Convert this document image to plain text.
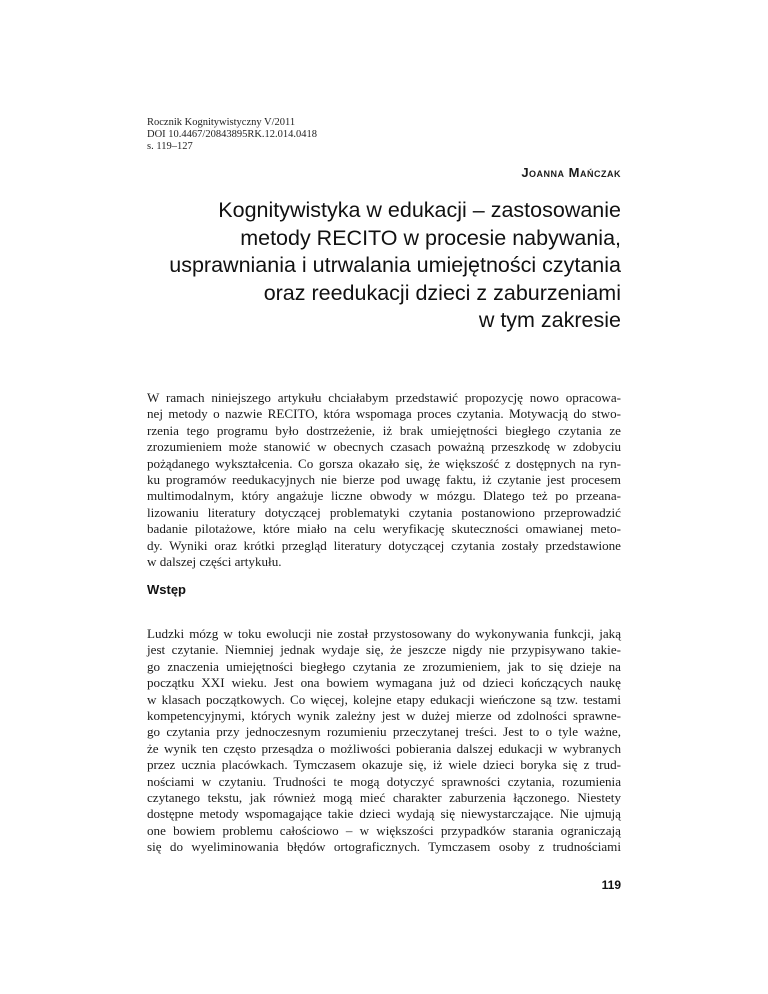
Rocznik Kognitywistyczny V/2011
DOI 10.4467/20843895RK.12.014.0418
s. 119–127
Joanna Mańczak
Kognitywistyka w edukacji – zastosowanie
metody RECITO w procesie nabywania,
usprawniania i utrwalania umiejętności czytania
oraz reedukacji dzieci z zaburzeniami
w tym zakresie
W ramach niniejszego artykułu chciałabym przedstawić propozycję nowo opracowa-
nej metody o nazwie RECITO, która wspomaga proces czytania. Motywacją do stwo-
rzenia tego programu było dostrzeżenie, iż brak umiejętności biegłego czytania ze
zrozumieniem może stanowić w obecnych czasach poważną przeszkodę w zdobyciu
pożądanego wykształcenia. Co gorsza okazało się, że większość z dostępnych na ryn-
ku programów reedukacyjnych nie bierze pod uwagę faktu, iż czytanie jest procesem
multimodalnym, który angażuje liczne obwody w mózgu. Dlatego też po przeana-
lizowaniu literatury dotyczącej problematyki czytania postanowiono przeprowadzić
badanie pilotażowe, które miało na celu weryfikację skuteczności omawianej meto-
dy. Wyniki oraz krótki przegląd literatury dotyczącej czytania zostały przedstawione
w dalszej części artykułu.
Wstęp
Ludzki mózg w toku ewolucji nie został przystosowany do wykonywania funkcji, jaką
jest czytanie. Niemniej jednak wydaje się, że jeszcze nigdy nie przypisywano takie-
go znaczenia umiejętności biegłego czytania ze zrozumieniem, jak to się dzieje na
początku XXI wieku. Jest ona bowiem wymagana już od dzieci kończących naukę
w klasach początkowych. Co więcej, kolejne etapy edukacji wieńczone są tzw. testami
kompetencyjnymi, których wynik zależny jest w dużej mierze od zdolności sprawne-
go czytania przy jednoczesnym rozumieniu przeczytanej treści. Jest to o tyle ważne,
że wynik ten często przesądza o możliwości pobierania dalszej edukacji w wybranych
przez ucznia placówkach. Tymczasem okazuje się, iż wiele dzieci boryka się z trud-
nościami w czytaniu. Trudności te mogą dotyczyć sprawności czytania, rozumienia
czytanego tekstu, jak również mogą mieć charakter zaburzenia łączonego. Niestety
dostępne metody wspomagające takie dzieci wydają się niewystarczające. Nie ujmują
one bowiem problemu całościowo – w większości przypadków starania ograniczają
się do wyeliminowania błędów ortograficznych. Tymczasem osoby z trudnościami
119
